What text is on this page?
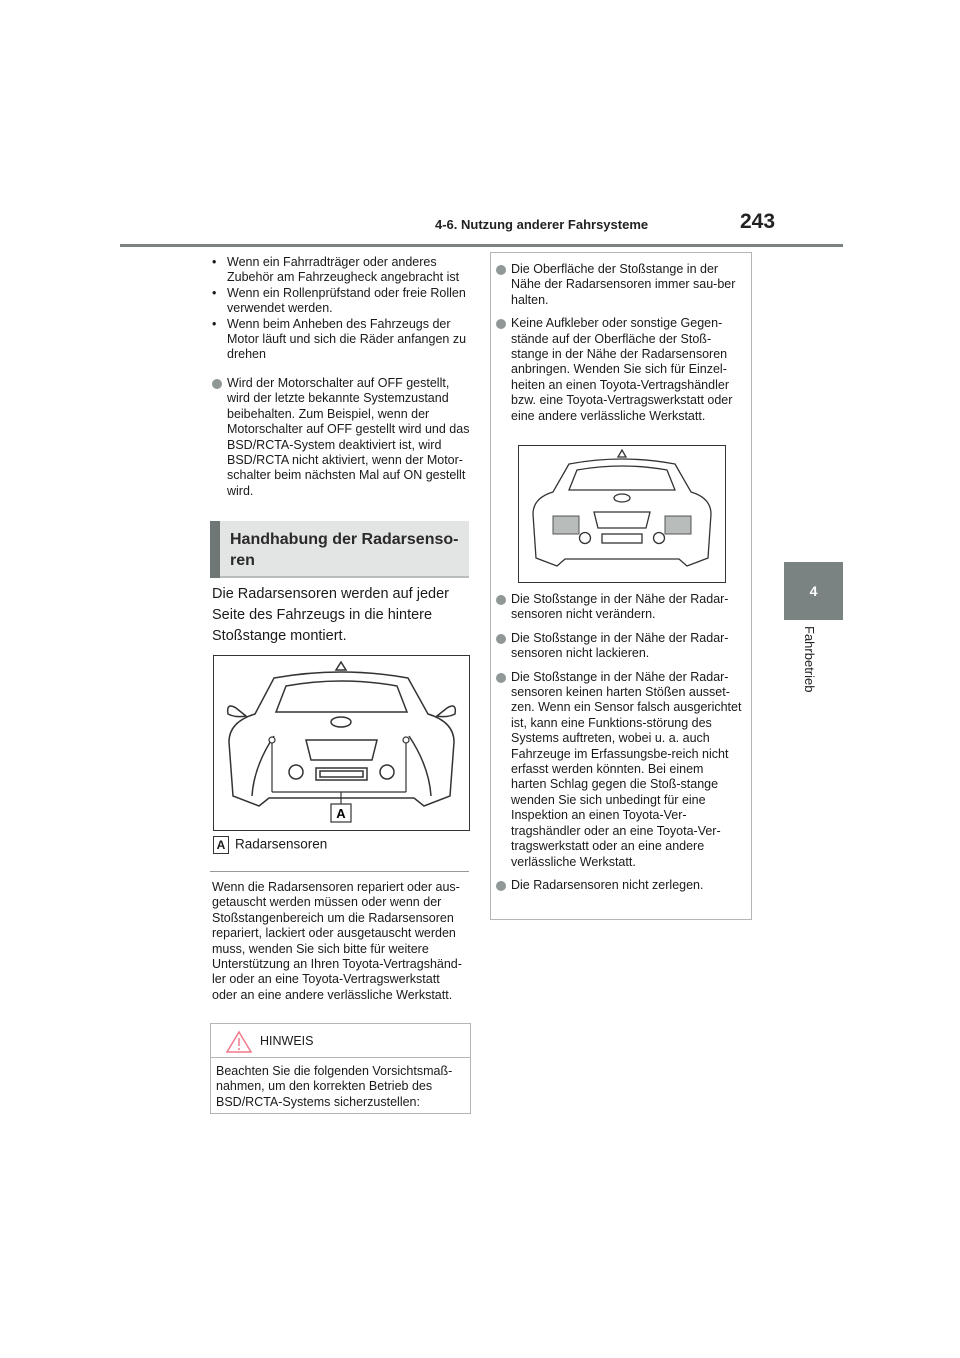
4-6. Nutzung anderer Fahrsysteme	243
4
Fahrbetrieb
• Wenn ein Fahrradträger oder anderes Zubehör am Fahrzeugheck angebracht ist
• Wenn ein Rollenprüfstand oder freie Rollen verwendet werden.
• Wenn beim Anheben des Fahrzeugs der Motor läuft und sich die Räder anfangen zu drehen
Wird der Motorschalter auf OFF gestellt, wird der letzte bekannte Systemzustand beibehalten. Zum Beispiel, wenn der Motorschalter auf OFF gestellt wird und das BSD/RCTA-System deaktiviert ist, wird BSD/RCTA nicht aktiviert, wenn der Motor-schalter beim nächsten Mal auf ON gestellt wird.
Handhabung der Radarsenso-ren
Die Radarsensoren werden auf jeder Seite des Fahrzeugs in die hintere Stoßstange montiert.
A
A Radarsensoren
Wenn die Radarsensoren repariert oder aus-getauscht werden müssen oder wenn der Stoßstangenbereich um die Radarsensoren repariert, lackiert oder ausgetauscht werden muss, wenden Sie sich bitte für weitere Unterstützung an Ihren Toyota-Vertragshänd-ler oder an eine Toyota-Vertragswerkstatt oder an eine andere verlässliche Werkstatt.
HINWEIS
Beachten Sie die folgenden Vorsichtsmaß-nahmen, um den korrekten Betrieb des BSD/RCTA-Systems sicherzustellen:
Die Oberfläche der Stoßstange in der Nähe der Radarsensoren immer sau-ber halten.
Keine Aufkleber oder sonstige Gegen-stände auf der Oberfläche der Stoß-stange in der Nähe der Radarsensoren anbringen. Wenden Sie sich für Einzel-heiten an einen Toyota-Vertragshändler bzw. eine Toyota-Vertragswerkstatt oder eine andere verlässliche Werkstatt.
Die Stoßstange in der Nähe der Radar-sensoren nicht verändern.
Die Stoßstange in der Nähe der Radar-sensoren nicht lackieren.
Die Stoßstange in der Nähe der Radar-sensoren keinen harten Stößen ausset-zen. Wenn ein Sensor falsch ausgerichtet ist, kann eine Funktions-störung des Systems auftreten, wobei u. a. auch Fahrzeuge im Erfassungsbe-reich nicht erfasst werden könnten. Bei einem harten Schlag gegen die Stoß-stange wenden Sie sich unbedingt für eine Inspektion an einen Toyota-Ver-tragshändler oder an eine Toyota-Ver-tragswerkstatt oder an eine andere verlässliche Werkstatt.
Die Radarsensoren nicht zerlegen.
